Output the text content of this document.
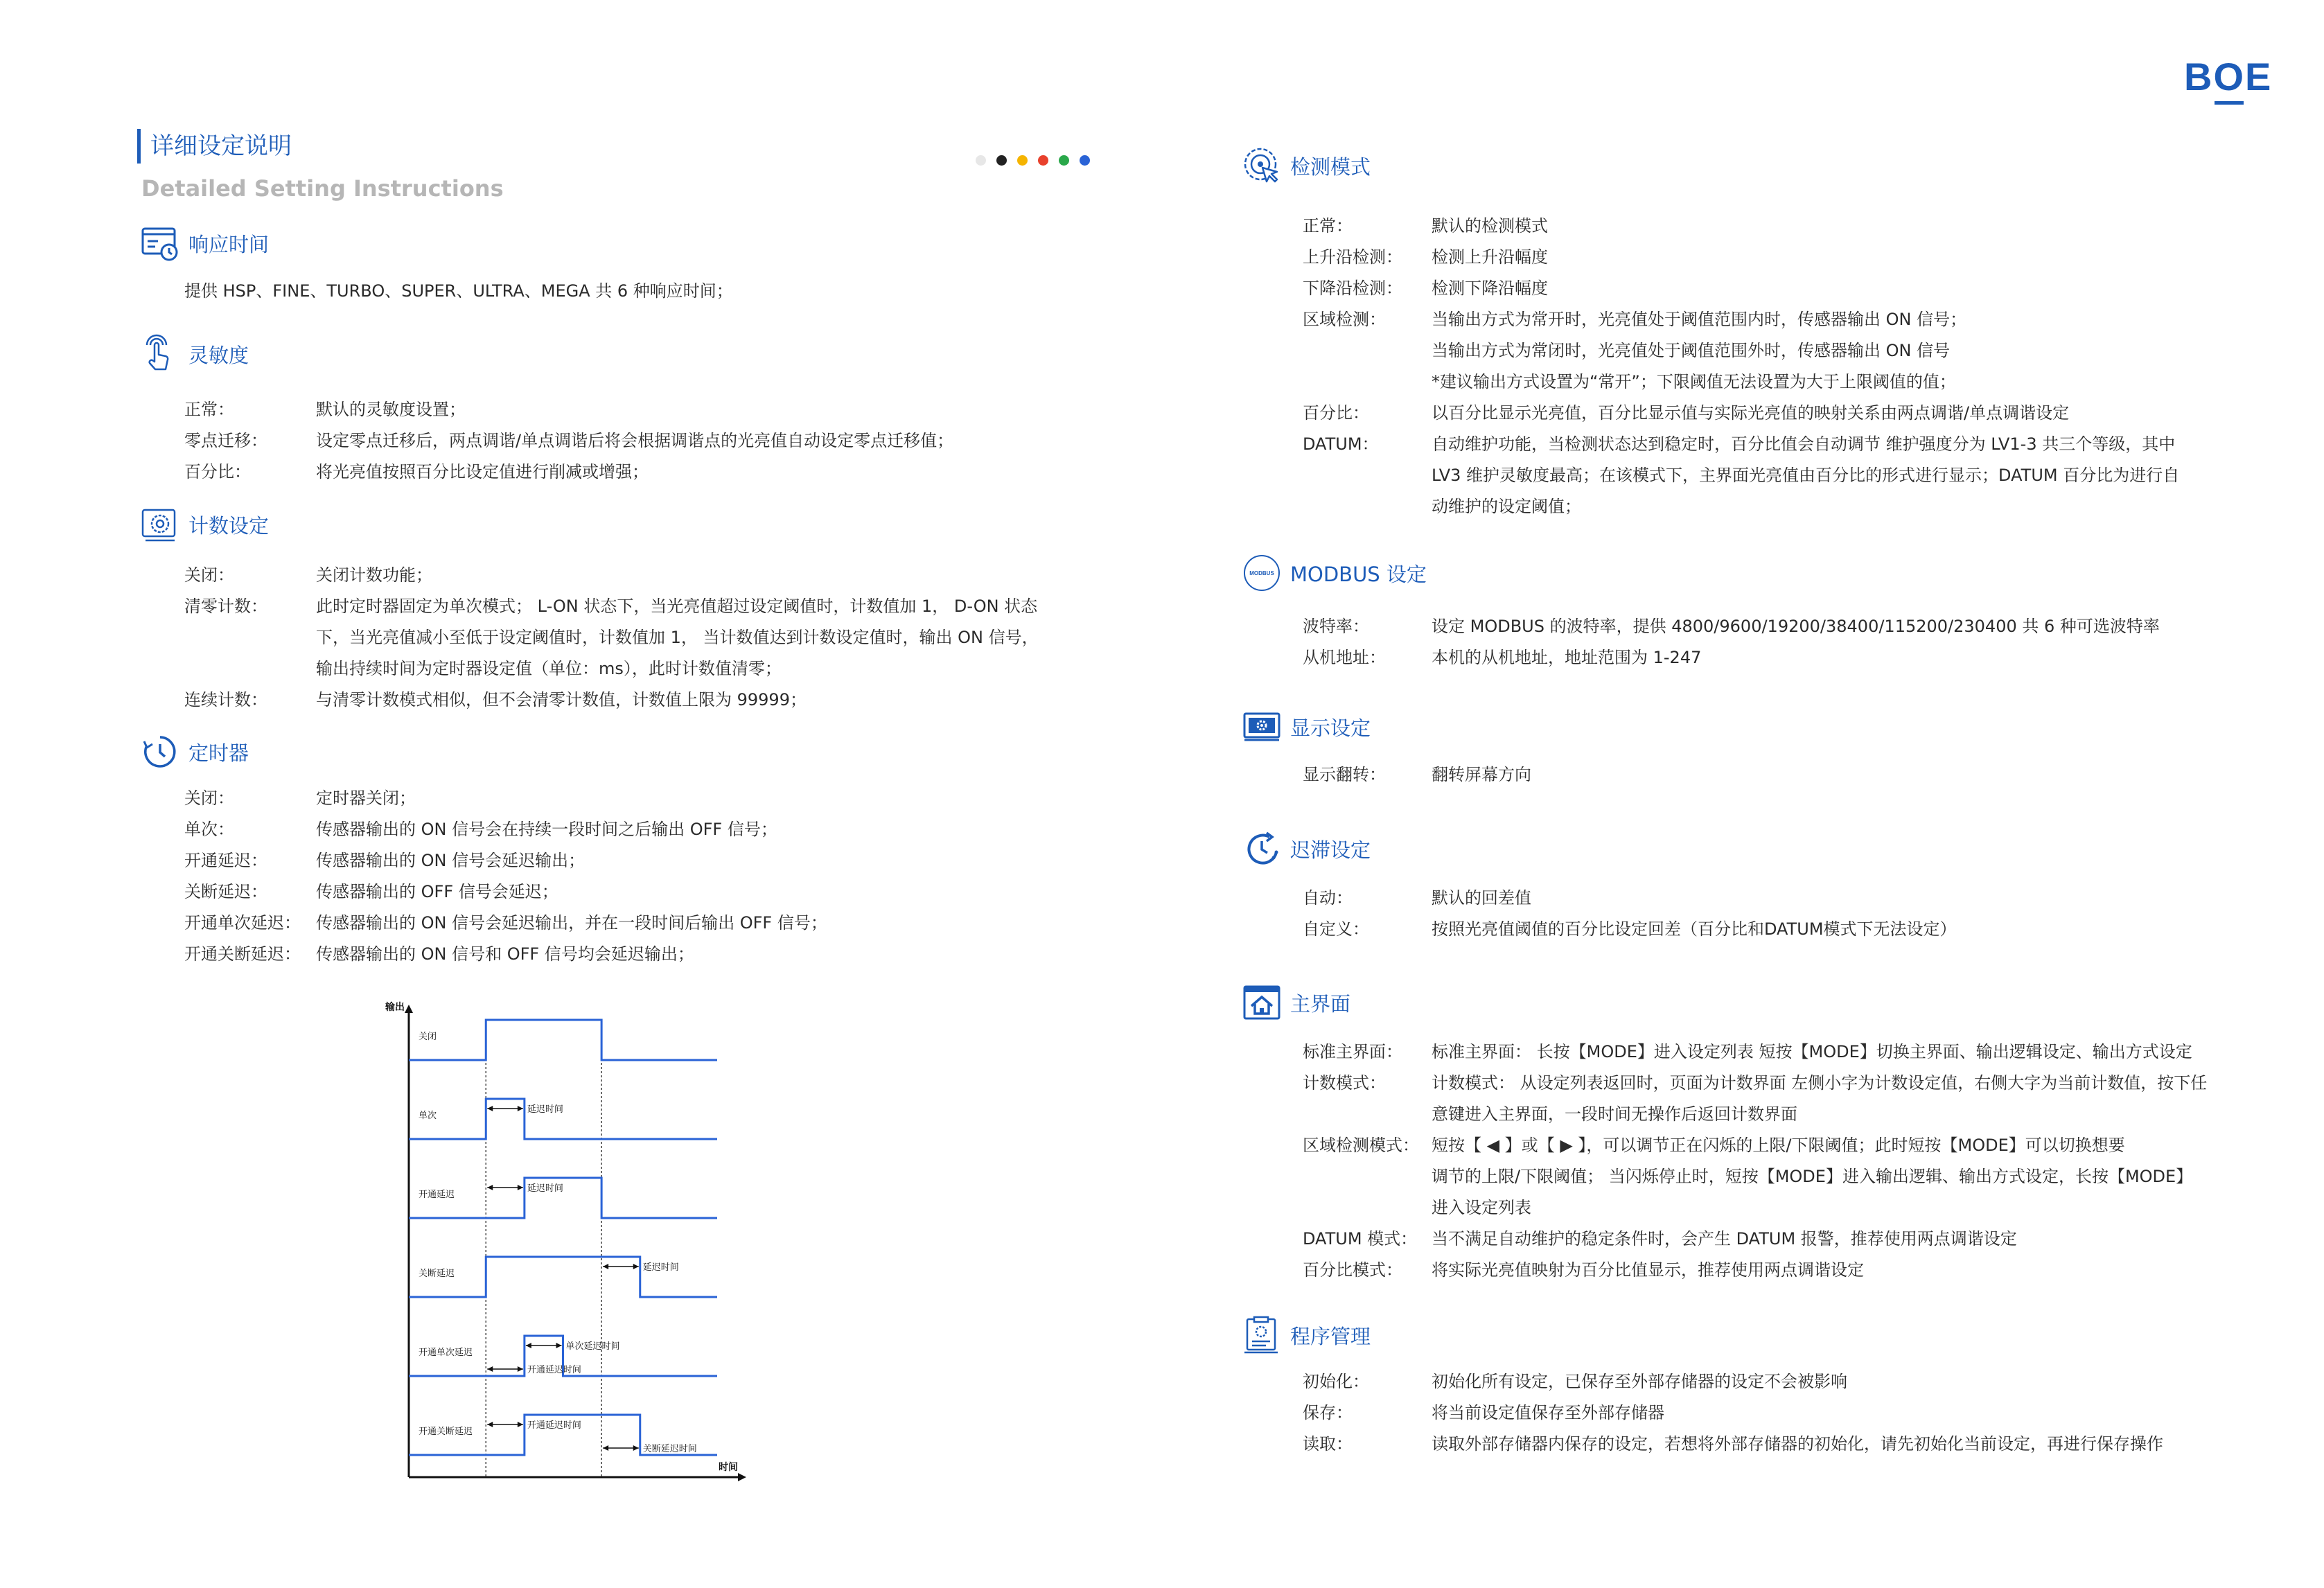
BOE
详细设定说明
Detailed Setting Instructions
响应时间
提供 HSP、FINE、TURBO、SUPER、ULTRA、MEGA 共 6 种响应时间；
灵敏度
正常：	默认的灵敏度设置；
零点迁移：	设定零点迁移后，两点调谐/单点调谐后将会根据调谐点的光亮值自动设定零点迁移值；
百分比：	将光亮值按照百分比设定值进行削减或增强；
计数设定
关闭：	关闭计数功能；
清零计数：	此时定时器固定为单次模式； L-ON 状态下，当光亮值超过设定阈值时，计数值加 1， D-ON 状态
下，当光亮值减小至低于设定阈值时，计数值加 1， 当计数值达到计数设定值时，输出 ON 信号，
输出持续时间为定时器设定值（单位：ms），此时计数值清零；
连续计数：	与清零计数模式相似，但不会清零计数值，计数值上限为 99999；
定时器
关闭：	定时器关闭；
单次：	传感器输出的 ON 信号会在持续一段时间之后输出 OFF 信号；
开通延迟：	传感器输出的 ON 信号会延迟输出；
关断延迟：	传感器输出的 OFF 信号会延迟；
开通单次延迟： 传感器输出的 ON 信号会延迟输出，并在一段时间后输出 OFF 信号；
开通关断延迟： 传感器输出的 ON 信号和 OFF 信号均会延迟输出；
输出
时间
关闭
单次
延迟时间
开通延迟
延迟时间
关断延迟
延迟时间
开通单次延迟
单次延迟时间
开通延迟时间
开通关断延迟
开通延迟时间
关断延迟时间
检测模式
正常：	默认的检测模式
上升沿检测：	检测上升沿幅度
下降沿检测：	检测下降沿幅度
区域检测：	当输出方式为常开时，光亮值处于阈值范围内时，传感器输出 ON 信号；
当输出方式为常闭时，光亮值处于阈值范围外时，传感器输出 ON 信号
*建议输出方式设置为“常开”；下限阈值无法设置为大于上限阈值的值；
百分比：	以百分比显示光亮值，百分比显示值与实际光亮值的映射关系由两点调谐/单点调谐设定
DATUM：	自动维护功能，当检测状态达到稳定时，百分比值会自动调节 维护强度分为 LV1-3 共三个等级，其中
LV3 维护灵敏度最高；在该模式下，主界面光亮值由百分比的形式进行显示；DATUM 百分比为进行自
动维护的设定阈值；
MODBUS MODBUS 设定
波特率：	设定 MODBUS 的波特率，提供 4800/9600/19200/38400/115200/230400 共 6 种可选波特率
从机地址：	本机的从机地址，地址范围为 1-247
显示设定
显示翻转：	翻转屏幕方向
迟滞设定
自动：	默认的回差值
自定义：	按照光亮值阈值的百分比设定回差（百分比和DATUM模式下无法设定）
主界面
标准主界面：	标准主界面： 长按【MODE】进入设定列表 短按【MODE】切换主界面、输出逻辑设定、输出方式设定
计数模式：	计数模式： 从设定列表返回时，页面为计数界面 左侧小字为计数设定值，右侧大字为当前计数值，按下任
意键进入主界面，一段时间无操作后返回计数界面
区域检测模式： 短按【 ◀ 】或【 ▶ 】，可以调节正在闪烁的上限/下限阈值；此时短按【MODE】可以切换想要
调节的上限/下限阈值； 当闪烁停止时，短按【MODE】进入输出逻辑、输出方式设定，长按【MODE】
进入设定列表
DATUM 模式： 当不满足自动维护的稳定条件时，会产生 DATUM 报警，推荐使用两点调谐设定
百分比模式：	将实际光亮值映射为百分比值显示，推荐使用两点调谐设定
程序管理
初始化：	初始化所有设定，已保存至外部存储器的设定不会被影响
保存：	将当前设定值保存至外部存储器
读取：	读取外部存储器内保存的设定，若想将外部存储器的初始化，请先初始化当前设定，再进行保存操作
